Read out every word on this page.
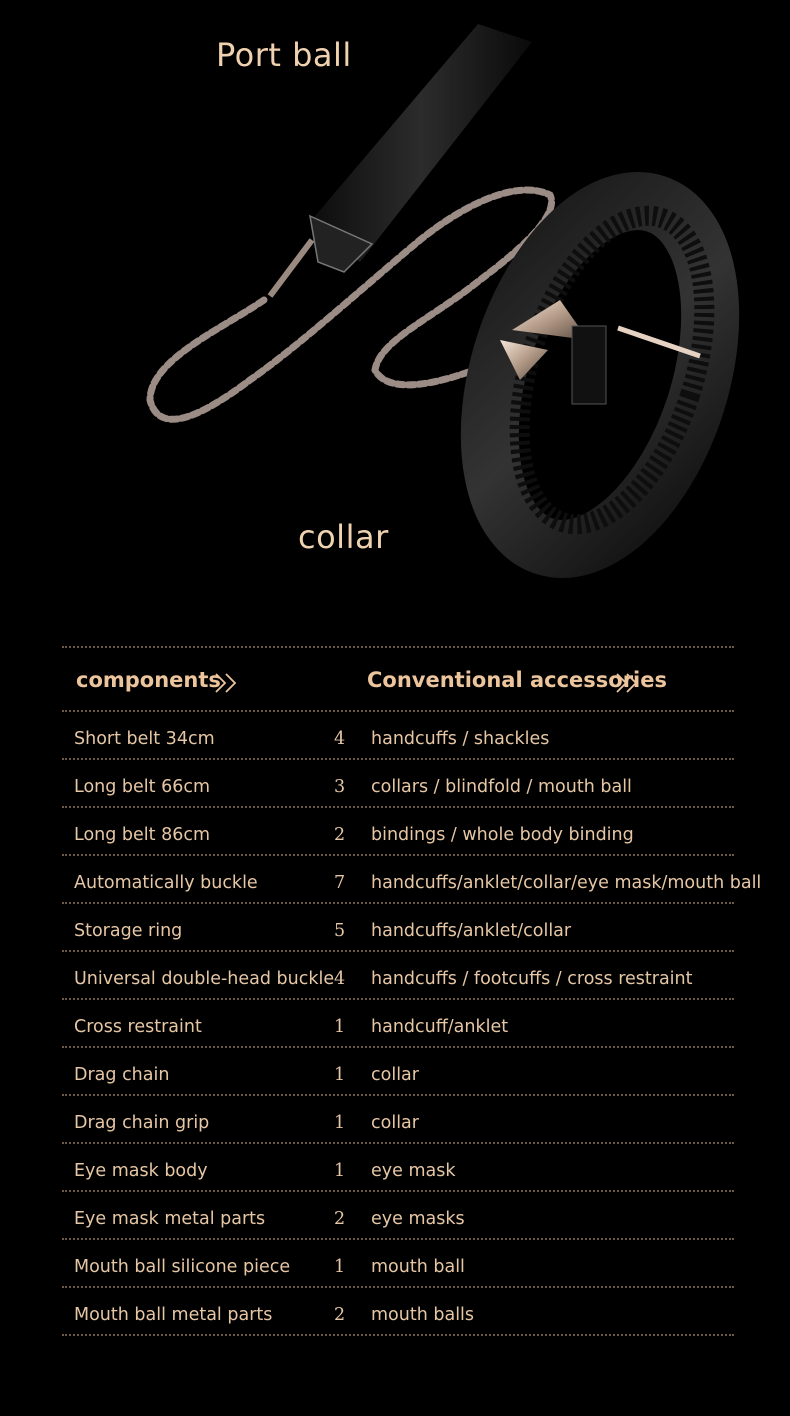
Port ball
collar
components	Conventional accessories
Short belt 34cm	4 handcuffs / shackles
Long belt 66cm	3 collars / blindfold / mouth ball
Long belt 86cm	2 bindings / whole body binding
Automatically buckle	7 handcuffs/anklet/collar/eye mask/mouth ball
Storage ring	5 handcuffs/anklet/collar
Universal double-head buckle 4 handcuffs / footcuffs / cross restraint
Cross restraint	1 handcuff/anklet
Drag chain	1 collar
Drag chain grip	1 collar
Eye mask body	1 eye mask
Eye mask metal parts	2 eye masks
Mouth ball silicone piece	1 mouth ball
Mouth ball metal parts	2 mouth balls
